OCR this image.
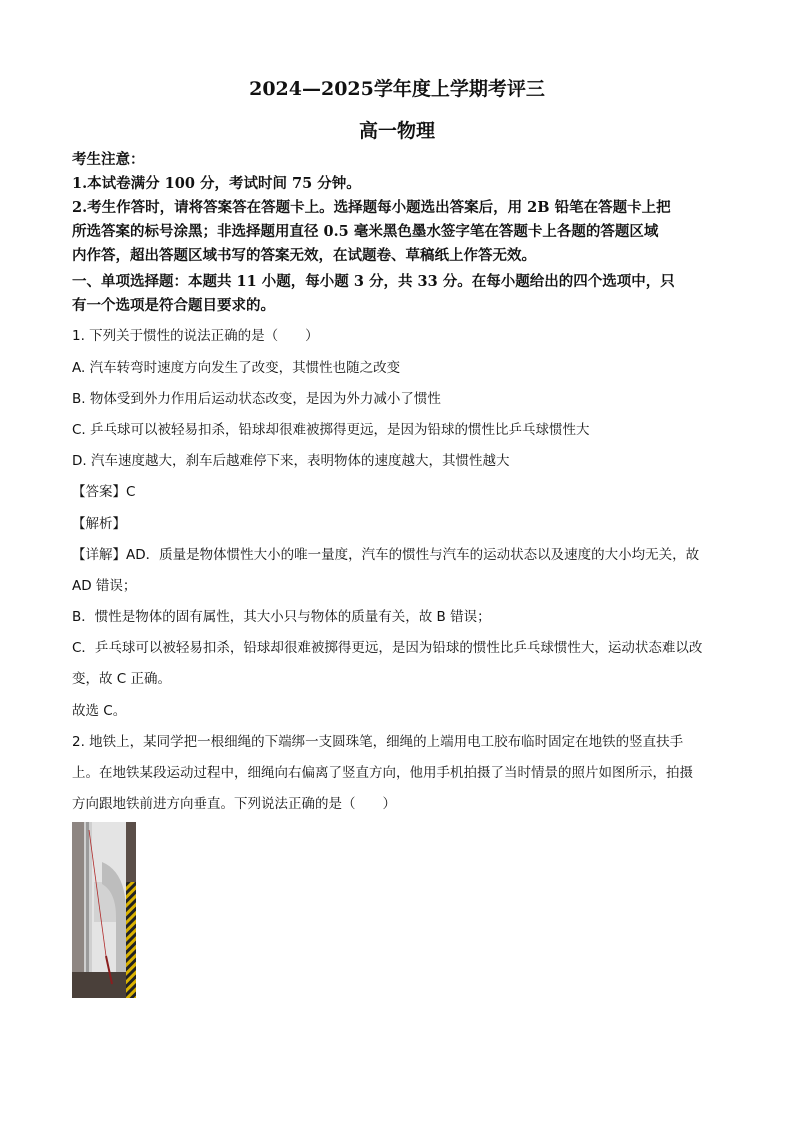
2024—2025学年度上学期考评三
高一物理
考生注意：
1.本试卷满分 100 分，考试时间 75 分钟。
2.考生作答时，请将答案答在答题卡上。选择题每小题选出答案后，用 2B 铅笔在答题卡上把
所选答案的标号涂黑；非选择题用直径 0.5 毫米黑色墨水签字笔在答题卡上各题的答题区域
内作答，超出答题区域书写的答案无效，在试题卷、草稿纸上作答无效。
一、单项选择题：本题共 11 小题，每小题 3 分，共 33 分。在每小题给出的四个选项中，只
有一个选项是符合题目要求的。
1. 下列关于惯性的说法正确的是（　　）
A. 汽车转弯时速度方向发生了改变，其惯性也随之改变
B. 物体受到外力作用后运动状态改变，是因为外力减小了惯性
C. 乒乓球可以被轻易扣杀，铅球却很难被掷得更远，是因为铅球的惯性比乒乓球惯性大
D. 汽车速度越大，刹车后越难停下来，表明物体的速度越大，其惯性越大
【答案】C
【解析】
【详解】AD．质量是物体惯性大小的唯一量度，汽车的惯性与汽车的运动状态以及速度的大小均无关，故
AD 错误；
B．惯性是物体的固有属性，其大小只与物体的质量有关，故 B 错误；
C．乒乓球可以被轻易扣杀，铅球却很难被掷得更远，是因为铅球的惯性比乒乓球惯性大，运动状态难以改
变，故 C 正确。
故选 C。
2. 地铁上，某同学把一根细绳的下端绑一支圆珠笔，细绳的上端用电工胶布临时固定在地铁的竖直扶手
上。在地铁某段运动过程中，细绳向右偏离了竖直方向，他用手机拍摄了当时情景的照片如图所示，拍摄
方向跟地铁前进方向垂直。下列说法正确的是（　　）
